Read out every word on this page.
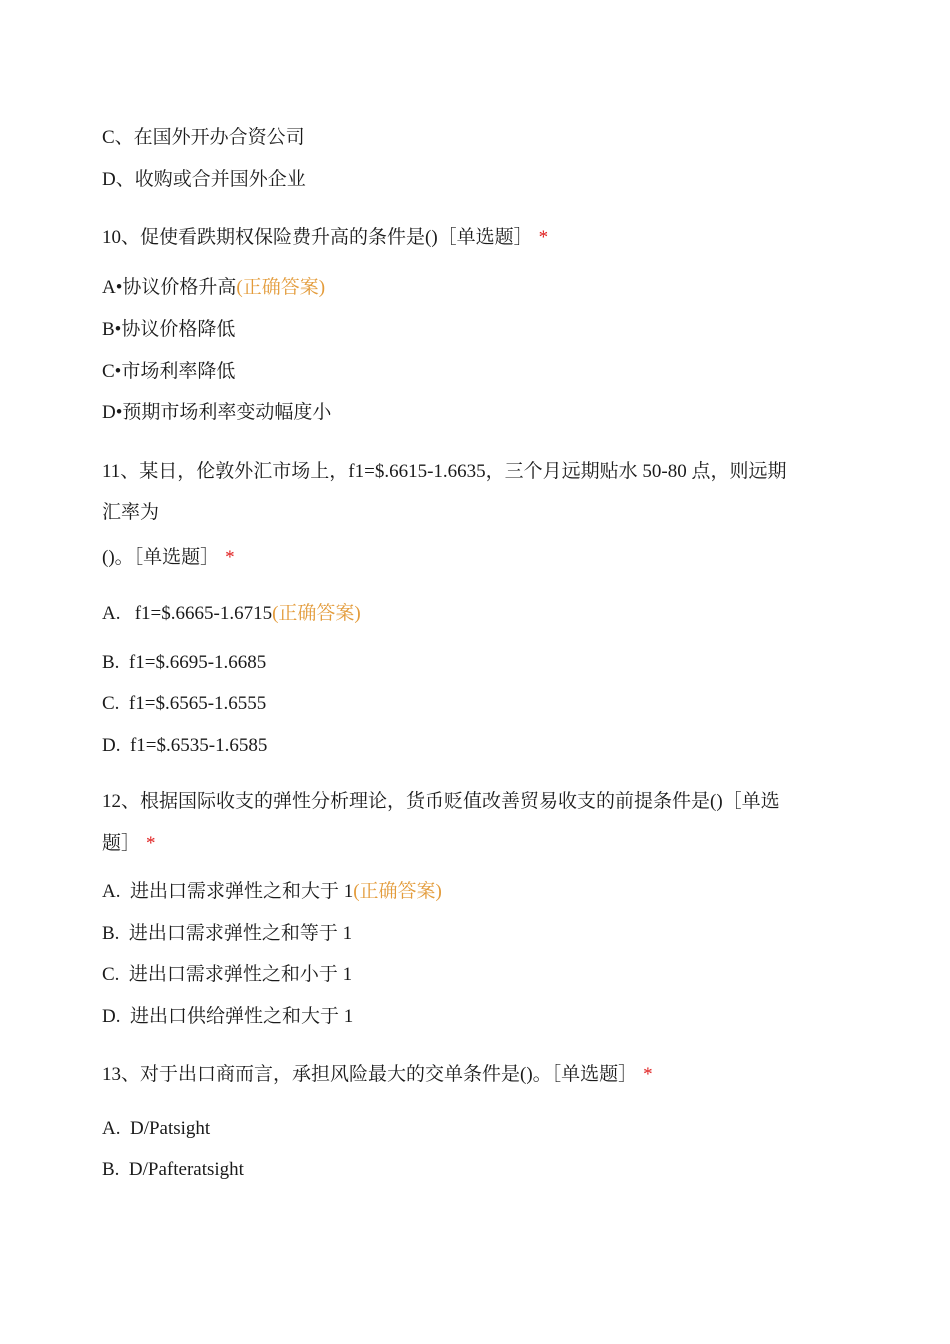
C、在国外开办合资公司
D、收购或合并国外企业
10、促使看跌期权保险费升高的条件是()［单选题］ *
A•协议价格升高(正确答案)
B•协议价格降低
C•市场利率降低
D•预期市场利率变动幅度小
11、某日，伦敦外汇市场上，f1=$.6615-1.6635，三个月远期贴水 50-80 点，则远期
汇率为
()。［单选题］ *
A.   f1=$.6665-1.6715(正确答案)
B.  f1=$.6695-1.6685
C.  f1=$.6565-1.6555
D.  f1=$.6535-1.6585
12、根据国际收支的弹性分析理论，货币贬值改善贸易收支的前提条件是()［单选
题］ *
A.  进出口需求弹性之和大于 1(正确答案)
B.  进出口需求弹性之和等于 1
C.  进出口需求弹性之和小于 1
D.  进出口供给弹性之和大于 1
13、对于出口商而言，承担风险最大的交单条件是()。［单选题］ *
A.  D/Patsight
B.  D/Pafteratsight
